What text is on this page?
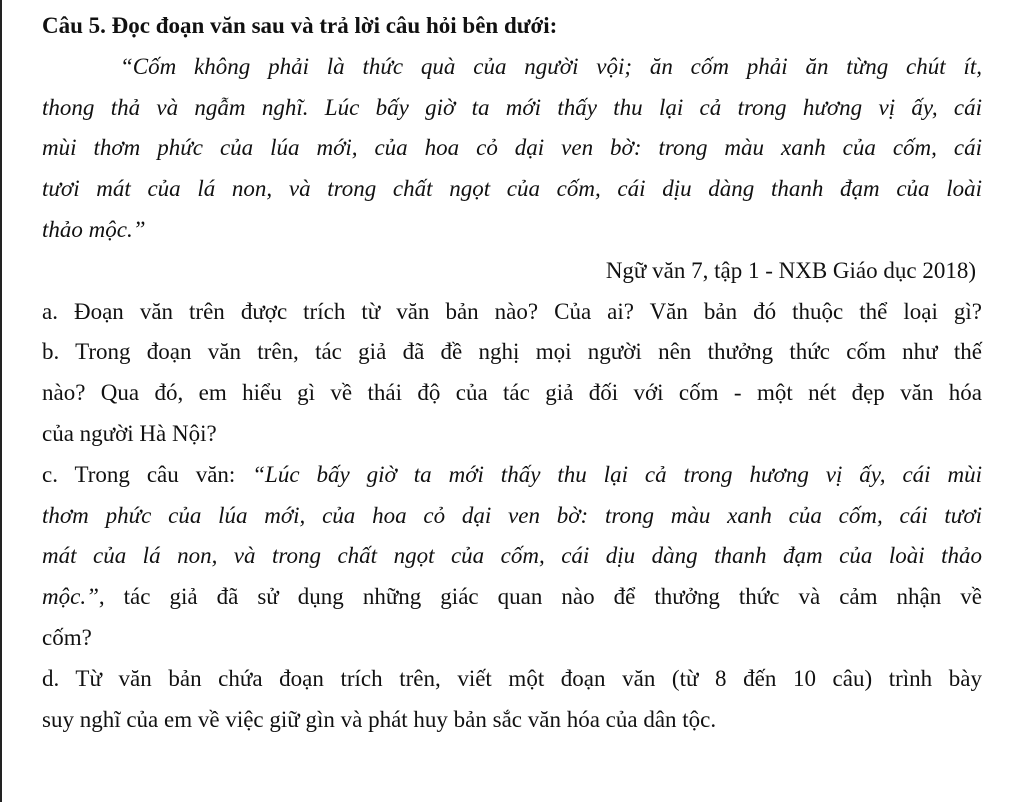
Câu 5. Đọc đoạn văn sau và trả lời câu hỏi bên dưới:
“Cốm không phải là thức quà của người vội; ăn cốm phải ăn từng chút ít,
thong thả và ngẫm nghĩ. Lúc bấy giờ ta mới thấy thu lại cả trong hương vị ấy, cái
mùi thơm phức của lúa mới, của hoa cỏ dại ven bờ: trong màu xanh của cốm, cái
tươi mát của lá non, và trong chất ngọt của cốm, cái dịu dàng thanh đạm của loài
thảo mộc.”
Ngữ văn 7, tập 1 - NXB Giáo dục 2018)
a. Đoạn văn trên được trích từ văn bản nào? Của ai? Văn bản đó thuộc thể loại gì?
b. Trong đoạn văn trên, tác giả đã đề nghị mọi người nên thưởng thức cốm như thế
nào? Qua đó, em hiểu gì về thái độ của tác giả đối với cốm - một nét đẹp văn hóa
của người Hà Nội?
c. Trong câu văn: “Lúc bấy giờ ta mới thấy thu lại cả trong hương vị ấy, cái mùi
thơm phức của lúa mới, của hoa cỏ dại ven bờ: trong màu xanh của cốm, cái tươi
mát của lá non, và trong chất ngọt của cốm, cái dịu dàng thanh đạm của loài thảo
mộc.”, tác giả đã sử dụng những giác quan nào để thưởng thức và cảm nhận về
cốm?
d. Từ văn bản chứa đoạn trích trên, viết một đoạn văn (từ 8 đến 10 câu) trình bày
suy nghĩ của em về việc giữ gìn và phát huy bản sắc văn hóa của dân tộc.
